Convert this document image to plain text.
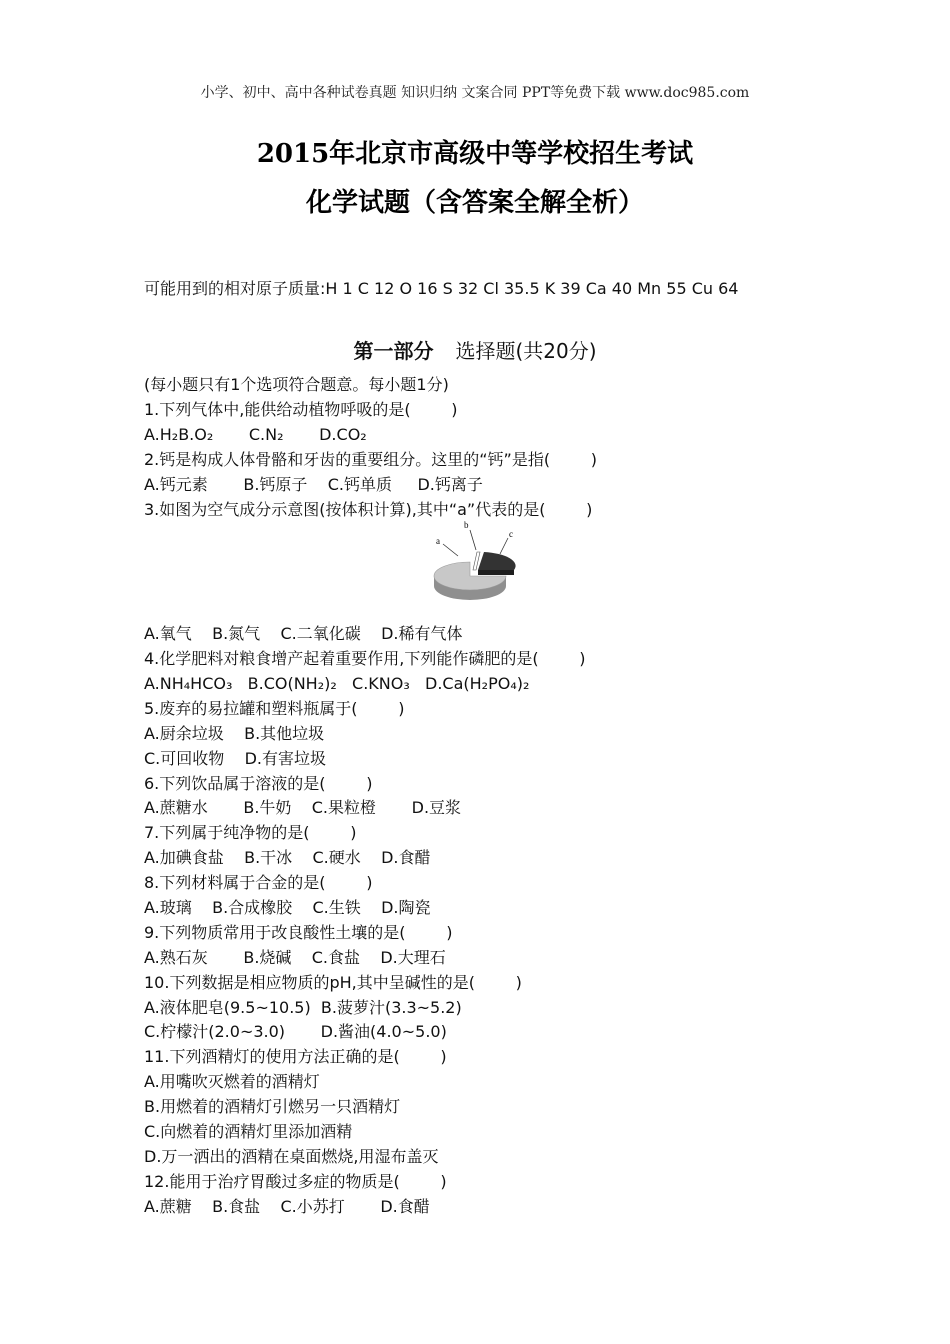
小学、初中、高中各种试卷真题 知识归纳 文案合同 PPT等免费下载 www.doc985.com
2015年北京市高级中等学校招生考试
化学试题（含答案全解全析）
可能用到的相对原子质量:H 1 C 12 O 16 S 32 Cl 35.5 K 39 Ca 40 Mn 55 Cu 64
第一部分 选择题(共20分)
(每小题只有1个选项符合题意。每小题1分)
1.下列气体中,能供给动植物呼吸的是(        )
A.H₂B.O₂       C.N₂       D.CO₂
2.钙是构成人体骨骼和牙齿的重要组分。这里的“钙”是指(        )
A.钙元素       B.钙原子    C.钙单质     D.钙离子
3.如图为空气成分示意图(按体积计算),其中“a”代表的是(        )
a
b
c
A.氧气    B.氮气    C.二氧化碳    D.稀有气体
4.化学肥料对粮食增产起着重要作用,下列能作磷肥的是(        )
A.NH₄HCO₃   B.CO(NH₂)₂   C.KNO₃   D.Ca(H₂PO₄)₂
5.废弃的易拉罐和塑料瓶属于(        )
A.厨余垃圾    B.其他垃圾
C.可回收物    D.有害垃圾
6.下列饮品属于溶液的是(        )
A.蔗糖水       B.牛奶    C.果粒橙       D.豆浆
7.下列属于纯净物的是(        )
A.加碘食盐    B.干冰    C.硬水    D.食醋
8.下列材料属于合金的是(        )
A.玻璃    B.合成橡胶    C.生铁    D.陶瓷
9.下列物质常用于改良酸性土壤的是(        )
A.熟石灰       B.烧碱    C.食盐    D.大理石
10.下列数据是相应物质的pH,其中呈碱性的是(        )
A.液体肥皂(9.5~10.5)  B.菠萝汁(3.3~5.2)
C.柠檬汁(2.0~3.0)       D.酱油(4.0~5.0)
11.下列酒精灯的使用方法正确的是(        )
A.用嘴吹灭燃着的酒精灯
B.用燃着的酒精灯引燃另一只酒精灯
C.向燃着的酒精灯里添加酒精
D.万一洒出的酒精在桌面燃烧,用湿布盖灭
12.能用于治疗胃酸过多症的物质是(        )
A.蔗糖    B.食盐    C.小苏打       D.食醋
